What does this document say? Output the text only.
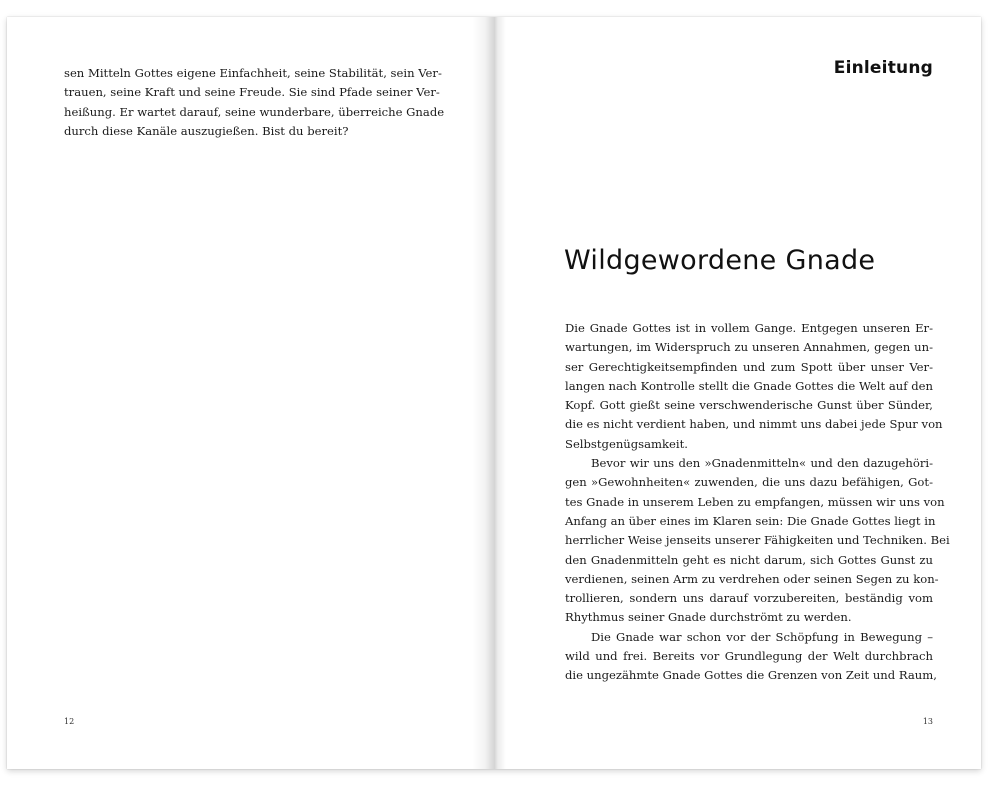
sen Mitteln Gottes eigene Einfachheit, seine Stabilität, sein Ver-
trauen, seine Kraft und seine Freude. Sie sind Pfade seiner Ver-
heißung. Er wartet darauf, seine wunderbare, überreiche Gnade
durch diese Kanäle auszugießen. Bist du bereit?
12
Einleitung
Wildgewordene Gnade
Die Gnade Gottes ist in vollem Gange. Entgegen unseren Er-
wartungen, im Widerspruch zu unseren Annahmen, gegen un-
ser Gerechtigkeitsempfinden und zum Spott über unser Ver-
langen nach Kontrolle stellt die Gnade Gottes die Welt auf den
Kopf. Gott gießt seine verschwenderische Gunst über Sünder,
die es nicht verdient haben, und nimmt uns dabei jede Spur von
Selbstgenügsamkeit.
Bevor wir uns den »Gnadenmitteln« und den dazugehöri-
gen »Gewohnheiten« zuwenden, die uns dazu befähigen, Got-
tes Gnade in unserem Leben zu empfangen, müssen wir uns von
Anfang an über eines im Klaren sein: Die Gnade Gottes liegt in
herrlicher Weise jenseits unserer Fähigkeiten und Techniken. Bei
den Gnadenmitteln geht es nicht darum, sich Gottes Gunst zu
verdienen, seinen Arm zu verdrehen oder seinen Segen zu kon-
trollieren, sondern uns darauf vorzubereiten, beständig vom
Rhythmus seiner Gnade durchströmt zu werden.
Die Gnade war schon vor der Schöpfung in Bewegung –
wild und frei. Bereits vor Grundlegung der Welt durchbrach
die ungezähmte Gnade Gottes die Grenzen von Zeit und Raum,
13
